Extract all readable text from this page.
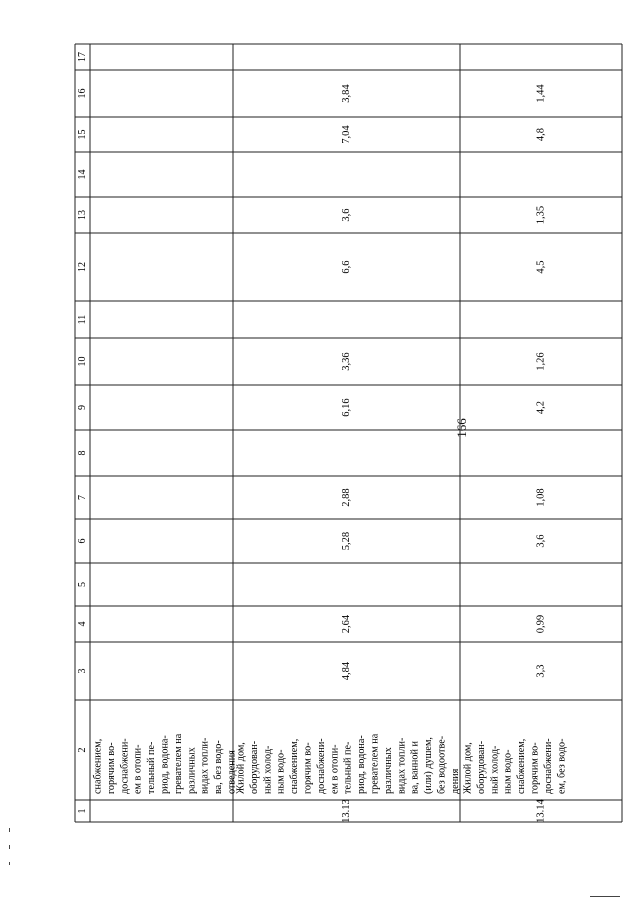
166
1
2
3
4
5
6
7
8
9
10
11
12
13
14
15
16
17
снабжением, горячим во- доснабжени- ем в отопи- тельный пе- риод, водона- гревателем на различных видах топли- ва, без водо- отведения
13.13
Жилой дом, оборудован- ный холод- ным водо- снабжением, горячим во- доснабжени- ем в отопи- тельный пе- риод, водона- гревателем на различных видах топли- ва, ванной и (или) душем, без водоотве- дения
4,84
2,64
5,28
2,88
6,16
3,36
6,6
3,6
7,04
3,84
13.14
Жилой дом, оборудован- ный холод- ным водо- снабжением, горячим во- доснабжени- ем, без водо-
3,3
0,99
3,6
1,08
4,2
1,26
4,5
1,35
4,8
1,44
